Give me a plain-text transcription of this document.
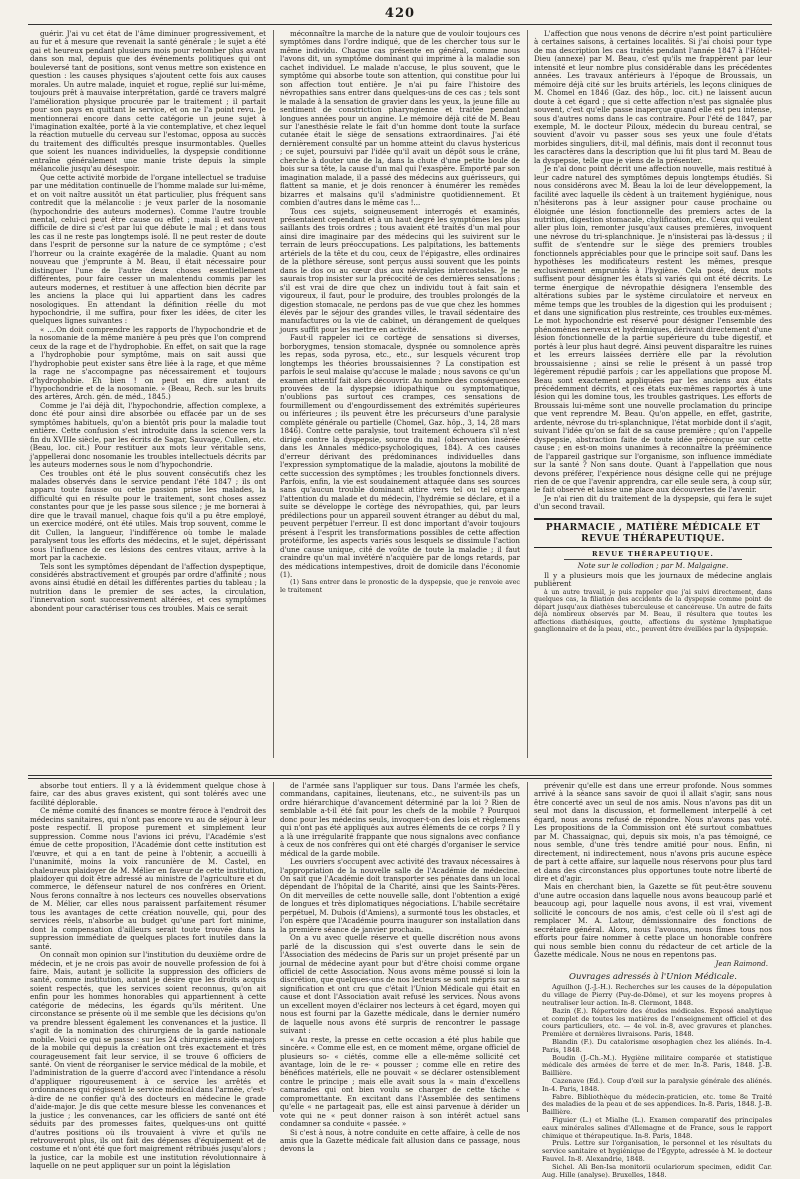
420

guérir. J'ai vu cet état de l'âme diminuer progressivement, et au fur et à mesure que revenait la santé générale ; le sujet a été gai et heureux pendant plusieurs mois pour retomber plus avant dans son mal, depuis que des événements politiques qui ont bouleversé tant de positions, sont venus mettre son existence en question : les causes physiques s'ajoutent cette fois aux causes morales. Un autre malade, inquiet et rogue, replié sur lui-même, toujours prêt à mauvaise interprétation, gardé ce travers malgré l'amélioration physique procurée par le traitement ; il partait pour son pays en quittant le service, et on ne l'a point revu. Je mentionnerai encore dans cette catégorie un jeune sujet à l'imagination exaltée, porté à la vie contemplative, et chez lequel la réaction mutuelle du cerveau sur l'estomac, opposa au succès du traitement des difficultés presque insurmontables. Quelles que soient les nuances individuelles, la dyspepsie conditionne entraîne généralement une manie triste depuis la simple mélancolie jusqu'au désespoir.

Que cette activité morbide de l'organe intellectuel se traduise par une méditation continuelle de l'homme malade sur lui-même, et on voit naître aussitôt un état particulier, plus fréquent sans contredit que la mélancolie : je veux parler de la nosomanie (hypochondrie des auteurs modernes). Comme l'autre trouble mental, celui-ci peut être cause ou effet ; mais il est souvent difficile de dire si c'est par lui que débute le mal ; et dans tous les cas il ne reste pas longtemps isolé. Il ne peut rester de doute dans l'esprit de personne sur la nature de ce symptôme ; c'est l'horreur ou la crainte exagérée de la maladie. Quant au nom nouveau que j'emprunte à M. Beau, il était nécessaire pour distinguer l'une de l'autre deux choses essentiellement différentes, pour faire cesser un malentendu commis par les auteurs modernes, et restituer à une affection bien décrite par les anciens la place qui lui appartient dans les cadres nosologiques. En attendant la définition réelle du mot hypochondrie, il me suffira, pour fixer les idées, de citer les quelques lignes suivantes :

« ....On doit comprendre les rapports de l'hypochondrie et de la nosomanie de la même manière à peu près que l'on comprend ceux de la rage et de l'hydrophobie. En effet, on sait que la rage a l'hydrophobie pour symptôme, mais on sait aussi que l'hydrophobie peut exister sans être liée à la rage, et que même la rage ne s'accompagne pas nécessairement et toujours d'hydrophobie. Eh bien ! on peut en dire autant de l'hypochondrie et de la nosomanie. » (Beau, Rech. sur les bruits des artères, Arch. gén. de méd., 1845.)

Comme je l'ai déjà dit, l'hypochondrie, affection complexe, a donc été pour ainsi dire absorbée ou effacée par un de ses symptômes habituels, qu'on a bientôt pris pour la maladie tout entière. Cette confusion s'est introduite dans la science vers la fin du XVIIIe siècle, par les écrits de Sagar, Sauvage, Cullen, etc. (Beau, loc. cit.) Pour restituer aux mots leur véritable sens, j'appellerai donc nosomanie les troubles intellectuels décrits par les auteurs modernes sous le nom d'hypochondrie.

Ces troubles ont été le plus souvent consécutifs chez les malades observés dans le service pendant l'été 1847 ; ils ont apparu toute fausse ou cette passion prise les malades, la difficulté qui en résulte pour le traitement, sont choses assez constantes pour que je les passe sous silence ; je me bornerai à dire que le travail manuel, chaque fois qu'il a pu être employé, un exercice modéré, ont été utiles. Mais trop souvent, comme le dit Cullen, la langueur, l'indifférence où tombe le malade paralysent tous les efforts des médecins, et le sujet, dépérissant sous l'influence de ces lésions des centres vitaux, arrive à la mort par la cachexie.

Tels sont les symptômes dépendant de l'affection dyspeptique, considérés abstractivement et groupés par ordre d'affinité ; nous avons ainsi étudié en détail les différentes parties du tableau ; la nutrition dans le premier de ses actes, la circulation, l'innervation sont successivement altérées, et ces symptômes abondent pour caractériser tous ces troubles. Mais ce serait

méconnaître la marche de la nature que de vouloir toujours ces symptômes dans l'ordre indiqué, que de les chercher tous sur le même individu. Chaque cas présente en général, comme nous l'avons dit, un symptôme dominant qui imprime à la maladie son cachet individuel. Le malade n'accuse, le plus souvent, que le symptôme qui absorbe toute son attention, qui constitue pour lui son affection tout entière. Je n'ai pu faire l'histoire des névropathies sans entrer dans quelques-uns de ces cas ; tels sont le malade à la sensation de gravier dans les yeux, la jeune fille au sentiment de constriction pharyngienne et traitée pendant longues années pour un angine. Le mémoire déjà cité de M. Beau sur l'anesthésie relate le fait d'un homme dont toute la surface cutanée était le siège de sensations extraordinaires. J'ai été dernièrement consulté par un homme atteint du clavus hystericus ; ce sujet, poursuivi par l'idée qu'il avait un dépôt sous le crâne, cherche à douter une de la, dans la chute d'une petite boule de bois sur sa tête, la cause d'un mal qui l'exaspère. Emporté par son imagination malade, il a passé des médecins aux guérisseurs, qui flattent sa manie, et je dois renoncer à énumérer les remèdes bizarres et malsains qu'il s'administre quotidiennement. Et combien d'autres dans le même cas !...

Tous ces sujets, soigneusement interrogés et examinés, présentaient cependant et à un haut degré les symptômes les plus saillants des trois ordres ; tous avaient été traités d'un mal pour ainsi dire imaginaire par des médecins qui les suivirent sur le terrain de leurs préoccupations. Les palpitations, les battements artériels de la tête et du cou, ceux de l'épigastre, elles ordinaires de la plèthore séreuse, sont perçus aussi souvent que les points dans le dos ou au cœur dus aux névralgies intercostales. Je ne saurais trop insister sur la précocité de ces dernières sensations ; s'il est vrai de dire que chez un individu tout à fait sain et vigoureux, il faut, pour le produire, des troubles prolongés de la digestion stomacale, ne perdons pas de vue que chez les hommes élevés par le séjour des grandes villes, le travail sédentaire des manufactures ou la vie de cabinet, un dérangement de quelques jours suffit pour les mettre en activité.

Faut-il rappeler ici ce cortège de sensations si diverses, borborygmes, tension stomacale, dyspnée ou somnolence après les repas, soda pyrosa, etc., etc., sur lesquels vécurent trop longtemps les théories broussaisiennes ? La constipation est parfois le seul malaise qu'accuse le malade ; nous savons ce qu'un examen attentif fait alors découvrir. Au nombre des conséquences prouvées de la dyspepsie idiopathique ou symptomatique, n'oublions pas surtout ces crampes, ces sensations de fourmillement ou d'engourdissement des extrémités supérieures ou inférieures ; ils peuvent être les précurseurs d'une paralysie complète générale ou partielle (Chomel, Gaz. hôp., 3, 14, 28 mars 1846). Contre cette paralysie, tout traitement échouera s'il n'est dirigé contre la dyspepsie, source du mal (observation insérée dans les Annales médico-psychologiques, 184). A ces causes d'erreur dérivant des prédominances individuelles dans l'expression symptomatique de la maladie, ajoutons la mobilité de cette succession des symptômes ; les troubles fonctionnels divers. Parfois, enfin, la vie est soudainement attaquée dans ses sources sans qu'aucun trouble dominant attire vers tel ou tel organe l'attention du malade et du médecin, l'hydrémie se déclare, et il a suite se développe le cortège des névropathies, qui, par leurs prédilections pour un appareil souvent étranger au début du mal, peuvent perpétuer l'erreur. Il est donc important d'avoir toujours présent à l'esprit les transformations possibles de cette affection protéiforme, les aspects variés sous lesquels se dissimule l'action d'une cause unique, cité de voûte de toute la maladie ; il faut craindre qu'un mal invétéré n'acquière par de longs retards, par des médications intempestives, droit de domicile dans l'économie (1).

(1) Sans entrer dans le pronostic de la dyspepsie, que je renvoie avec le traitement

L'affection que nous venons de décrire n'est point particulière à certaines saisons, à certaines localités. Si j'ai choisi pour type de ma description les cas traités pendant l'année 1847 à l'Hôtel-Dieu (annexe) par M. Beau, c'est qu'ils me frappèrent par leur intensité et leur nombre plus considérable dans les précédentes années. Les travaux antérieurs à l'époque de Broussais, un mémoire déjà cité sur les bruits artériels, les leçons cliniques de M. Chomel en 1846 (Gaz. des hôp., loc. cit.) ne laissent aucun doute à cet égard ; que si cette affection n'est pas signalée plus souvent, c'est qu'elle passe inaperçue quand elle est peu intense, sous d'autres noms dans le cas contraire. Pour l'été de 1847, par exemple, M. le docteur Piloux, médecin du bureau central, se souvient d'avoir vu passer sous ses yeux une foule d'états morbides singuliers, dit-il, mal définis, mais dont il reconnut tous les caractères dans la description que lui fit plus tard M. Beau de la dyspepsie, telle que je viens de la présenter.

Je n'ai donc point décrit une affection nouvelle, mais restitué à leur cadre naturel des symptômes depuis longtemps étudiés. Si nous considérons avec M. Beau la loi de leur développement, la facilité avec laquelle ils cèdent à un traitement hygiénique, nous n'hésiterons pas à leur assigner pour cause prochaine ou éloignée une lésion fonctionnelle des premiers actes de la nutrition, digestion stomacale, chylification, etc. Ceux qui veulent aller plus loin, remonter jusqu'aux causes premières, invoquent une névrose du tri-splanchnique. Je n'insisterai pas là-dessus ; il suffit de s'entendre sur le siège des premiers troubles fonctionnels appréciables pour que le principe soit sauf. Dans les hypothèses les modificateurs restent les mêmes, presque exclusivement empruntés à l'hygiène. Cela posé, deux mots suffisent pour désigner les états si variés qui ont été décrits. Le terme énergique de névropathie désignera l'ensemble des altérations subies par le système circulatoire et nerveux en même temps que les troubles de la digestion qui les produisent ; et dans une signification plus restreinte, ces troubles eux-mêmes. Le mot hypochondrie est réservé pour désigner l'ensemble des phénomènes nerveux et hydrémiques, dérivant directement d'une lésion fonctionnelle de la partie supérieure du tube digestif, et portés à leur plus haut degré. Ainsi peuvent disparaître les ruines et les erreurs laissées derrière elle par la révolution broussaisienne ; ainsi se relie le présent à un passé trop légèrement répudié parfois ; car les appellations que propose M. Beau sont exactement appliquées par les anciens aux états précédemment décrits, et ces états eux-mêmes rapportés à une lésion qui les domine tous, les troubles gastriques. Les efforts de Broussais lui-même sont une nouvelle proclamation du principe que vent reprendre M. Beau. Qu'on appelle, en effet, gastrite, ardente, névrose du tri-splanchnique, l'état morbide dont il s'agit, suivant l'idée qu'on se fait de sa cause première ; qu'on l'appelle dyspepsie, abstraction faite de toute idée préconçue sur cette cause ; en est-on moins unanimes à reconnaître la prééminence de l'appareil gastrique sur l'organisme, son influence immédiate sur la santé ? Non sans doute. Quant à l'appellation que nous devons préférer, l'expérience nous désigne celle qui ne préjuge rien de ce que l'avenir apprendra, car elle seule sera, à coup sûr, le fait observé et laisse une place aux découvertes de l'avenir.

Je n'ai rien dit du traitement de la dyspepsie, qui fera le sujet d'un second travail.

PHARMACIE , MATIÈRE MÉDICALE ET REVUE THÉRAPEUTIQUE.
REVUE THÉRAPEUTIQUE.
Note sur le collodion ; par M. Malgaigne.

Il y a plusieurs mois que les journaux de médecine anglais publièrent

à un autre travail, je puis rappeler que j'ai suivi directement, dans quelques cas, la filiation des accidents de la dyspepsie comme point de départ jusqu'aux diathèses tuberculeuse et cancéreuse. Un autre de faits déjà nombreux observés par M. Beau, il résultera que toutes les affections diathésiques, goutte, affections du système lymphatique ganglionnaire et de la peau, etc., peuvent être éveillées par la dyspepsie.

absorbe tout entiers. Il y a là évidemment quelque chose à faire, car des abus graves existent, qui sont tolérés avec une facilité déplorable.

Ce même comité des finances se montre féroce à l'endroit des médecins sanitaires, qui n'ont pas encore vu au de séjour à leur poste respectif. Il propose purement et simplement leur suppression. Comme nous l'avions ici prévu, l'Académie s'est émue de cette proposition, l'Académie dont cette institution est l'œuvre, et qui a en tant de peine à l'obtenir, a accueilli à l'unanimité, moins la voix rancunière de M. Castel, en chaleureux plaidoyer de M. Mélier en faveur de cette institution, plaidoyer qui doit être adressé au ministre de l'agriculture et du commerce, le défenseur naturel de nos confrères en Orient. Nous ferons connaître à nos lecteurs ces nouvelles observations de M. Mélier, car elles nous paraissent parfaitement résumer tous les avantages de cette création nouvelle, qui, pour des services réels, n'absorbe au budget qu'une part fort minime, dont la compensation d'ailleurs serait toute trouvée dans la suppression immédiate de quelques places fort inutiles dans la santé.

On connaît mon opinion sur l'institution du deuxième ordre de médecin, et je ne crois pas avoir de nouvelle profession de foi à faire. Mais, autant je sollicite la suppression des officiers de santé, comme institution, autant je désire que les droits acquis soient respectés, que les services soient reconnus, qu'on ait enfin pour les hommes honorables qui appartiennent à cette catégorie de médecins, les égards qu'ils méritent. Une circonstance se présente où il me semble que les décisions qu'on va prendre blessent également les convenances et la justice. Il s'agit de la nomination des chirurgiens de la garde nationale mobile. Voici ce qui se passe : sur les 24 chirurgiens aide-majors de la mobile qui depuis la création ont très exactement et très courageusement fait leur service, il se trouve 6 officiers de santé. On vient de réorganiser le service médical de la mobile, et l'administration de la guerre d'accord avec l'intendance a résolu d'appliquer rigoureusement à ce service les arrêtés et ordonnances qui régissent le service médical dans l'armée, c'est-à-dire de ne confier qu'à des docteurs en médecine le grade d'aide-major. Je dis que cette mesure blesse les convenances et la justice ; les convenances, car les officiers de santé ont été séduits par des promesses faites, quelques-uns ont quitté d'autres positions où ils trouvaient à vivre et qu'ils ne retrouveront plus, ils ont fait des dépenses d'équipement et de costume et n'ont été que fort maigrement rétribués jusqu'alors ; la justice, car la mobile est une institution révolutionnaire à laquelle on ne peut appliquer sur un point la législation

de l'armée sans l'appliquer sur tous. Dans l'armée les chefs, commandans, capitaines, lieutenans, etc., ne suivent-ils pas un ordre hiérarchique d'avancement déterminé par la loi ? Rien de semblable a-t-il été fait pour les chefs de la mobile ? Pourquoi donc pour les médecins seuls, invoquer-t-on des lois et règlemens qui n'ont pas été appliqués aux autres éléments de ce corps ? Il y a là une irrégularité frappante que nous signalons avec confiance à ceux de nos confrères qui ont été chargés d'organiser le service médical de la garde mobile.

Les ouvriers s'occupent avec activité des travaux nécessaires à l'appropriation de la nouvelle salle de l'Académie de médecine. On sait que l'Académie doit transporter ses pénates dans un local dépendant de l'hôpital de la Charité, ainsi que les Saints-Pères. On dit merveilles de cette nouvelle salle, dont l'obtention a exigé de longues et très diplomatiques négociations. L'habile secrétaire perpétuel, M. Dubois (d'Amiens), a surmonté tous les obstacles, et l'on espère que l'Académie pourra inaugurer son installation dans la première séance de janvier prochain.

On a vu avec quelle réserve et quelle discrétion nous avons parlé de la discussion qui s'est ouverte dans le sein de l'Association des médecins de Paris sur un projet présenté par un journal de médecine ayant pour but d'être choisi comme organe officiel de cette Association. Nous avons même poussé si loin la discrétion, que quelques-uns de nos lecteurs se sont mépris sur sa signification et ont cru que c'était l'Union Médicale qui était en cause et dont l'Association avait refusé les services. Nous avons un excellent moyen d'éclairer nos lecteurs à cet égard, moyen qui nous est fourni par la Gazette médicale, dans le dernier numéro de laquelle nous avons été surpris de rencontrer le passage suivant :

« Au reste, la presse en cette occasion a été plus habile que sincère. « Comme elle est, en ce moment même, organe officiel de plusieurs so- « ciétés, comme elle a elle-même sollicité cet avantage, loin de le re- « pousser ; comme elle en retire des bénéfices matériels, elle ne pouvait « se déclarer ostensiblement contre le principe ; mais elle avait sous la « main d'excellens camarades qui ont bien voulu se charger de cette tâche « compromettante. En excitant dans l'Assemblée des sentimens qu'elle « ne partageait pas, elle est ainsi parvenue à dérider un vote qui ne « peut donner raison à son intérêt actuel sans condamner sa conduite « passée. »

Si c'est à nous, à notre conduite en cette affaire, à celle de nos amis que la Gazette médicale fait allusion dans ce passage, nous devons la

prévenir qu'elle est dans une erreur profonde. Nous sommes arrivé à la séance sans savoir de quoi il allait s'agir, sans nous être concerté avec un seul de nos amis. Nous n'avons pas dit un seul mot dans la discussion, et formellement interpellé à cet égard, nous avons refusé de répondre. Nous n'avons pas voté. Les propositions de la Commission ont été surtout combattues par M. Chassaignac, qui, depuis six mois, n'a pas témoigné, ce nous semble, d'une très tendre amitié pour nous. Enfin, ni directement, ni indirectement, nous n'avons pris aucune espèce de part à cette affaire, sur laquelle nous réservons pour plus tard et dans des circonstances plus opportunes toute notre liberté de dire et d'agir.

Mais en cherchant bien, la Gazette se fût peut-être souvenu d'une autre occasion dans laquelle nous avons beaucoup parlé et beaucoup agi, pour laquelle nous avons, il est vrai, vivement sollicité le concours de nos amis, c'est celle où il s'est agi de remplacer M. A. Latour, démissionnaire des fonctions de secrétaire général. Alors, nous l'avouons, nous fîmes tous nos efforts pour faire nommer à cette place un honorable confrère qui nous semble bien connu du rédacteur de cet article de la Gazette médicale. Nous ne nous en repentons pas.

Jean Raimond.

Ouvrages adressés à l'Union Médicale.

Aguilhon (J.-J.-H.). Recherches sur les causes de la dépopulation du village de Pierry (Puy-de-Dôme), et sur les moyens propres à neutraliser leur action. In-8. Clermont, 1848.

Bazin (E.). Répertoire des études médicales. Exposé analytique et complet de toutes les matières de l'enseignement officiel et des cours particuliers, etc. — 4e vol. in-8, avec gravures et planches. Première et dernières livraisons. Paris, 1848.

Blandin (F.). Du catalorisme œsophagien chez les aliénés. In-4. Paris, 1848.

Boudin (J.-Ch.-M.). Hygiène militaire comparée et statistique médicale des armées de terre et de mer. In-8. Paris, 1848. J.-B. Baillière.

Cazenave (Ed.). Coup d'œil sur la paralysie générale des aliénés. In-4. Paris, 1848.

Fabre. Bibliothèque du médecin-praticien, etc. tome 8e Traité des maladies de la peau et de ses appendices. In-8. Paris, 1848. J.-B. Baillière.

Figuier (L.) et Mialhe (L.). Examen comparatif des principales eaux minérales salines d'Allemagne et de France, sous le rapport chimique et thérapeutique. In-8. Paris, 1848.

Pruis. Lettre sur l'organisation, le personnel et les résultats du service sanitaire et hygiénique de l'Égypte, adressée à M. le docteur Fauvel. In-8. Alexandrie, 1848.

Sichel. Ali Ben-Isa monitorii oculariorum specimen, edidit Car. Aug. Hille (analyse). Bruxelles, 1848.
